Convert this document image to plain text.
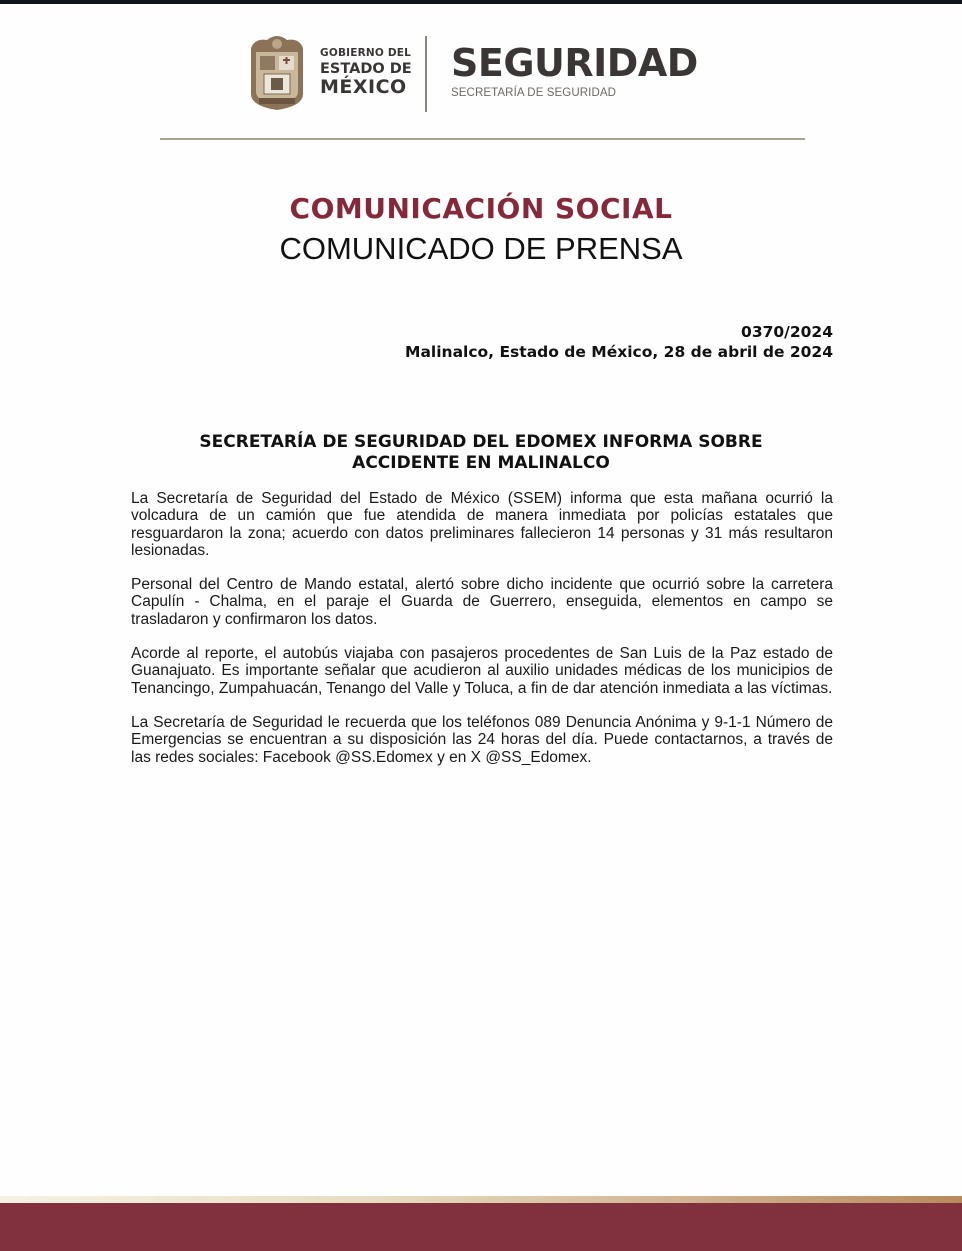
GOBIERNO DEL
ESTADO DE
MÉXICO
SEGURIDAD
SECRETARÍA DE SEGURIDAD
COMUNICACIÓN SOCIAL
COMUNICADO DE PRENSA
0370/2024
Malinalco, Estado de México, 28 de abril de 2024
SECRETARÍA DE SEGURIDAD DEL EDOMEX INFORMA SOBRE
ACCIDENTE EN MALINALCO

La Secretaría de Seguridad del Estado de México (SSEM) informa que esta mañana ocurrió la volcadura de un camión que fue atendida de manera inmediata por policías estatales que resguardaron la zona; acuerdo con datos preliminares fallecieron 14 personas y 31 más resultaron lesionadas.

Personal del Centro de Mando estatal, alertó sobre dicho incidente que ocurrió sobre la carretera Capulín - Chalma, en el paraje el Guarda de Guerrero, enseguida, elementos en campo se trasladaron y confirmaron los datos.

Acorde al reporte, el autobús viajaba con pasajeros procedentes de San Luis de la Paz estado de Guanajuato. Es importante señalar que acudieron al auxilio unidades médicas de los municipios de Tenancingo, Zumpahuacán, Tenango del Valle y Toluca, a fin de dar atención inmediata a las víctimas.

La Secretaría de Seguridad le recuerda que los teléfonos 089 Denuncia Anónima y 9-1-1 Número de Emergencias se encuentran a su disposición las 24 horas del día. Puede contactarnos, a través de las redes sociales: Facebook @SS.Edomex y en X @SS_Edomex.
